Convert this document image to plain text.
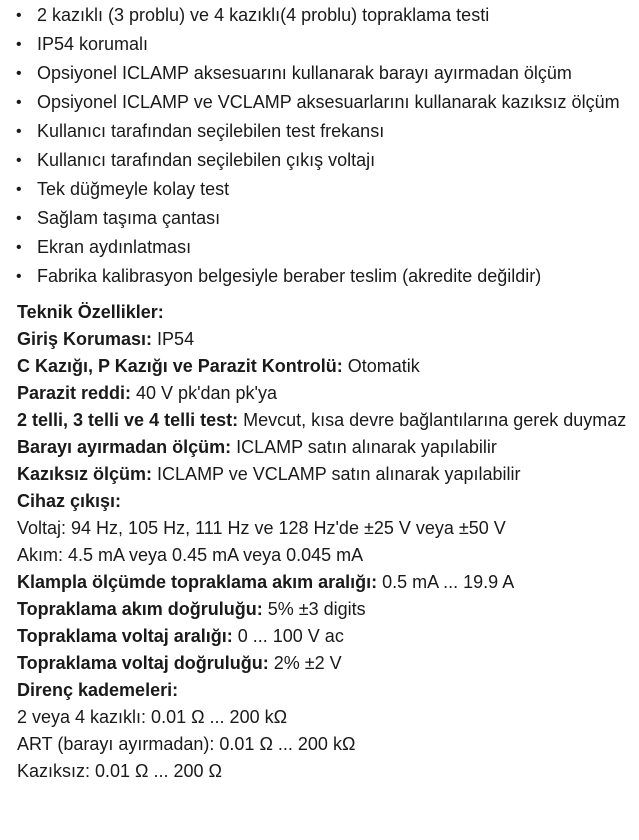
• 2 kazıklı (3 problu) ve 4 kazıklı(4 problu) topraklama testi
• IP54 korumalı
• Opsiyonel ICLAMP aksesuarını kullanarak barayı ayırmadan ölçüm
• Opsiyonel ICLAMP ve VCLAMP aksesuarlarını kullanarak kazıksız ölçüm
• Kullanıcı tarafından seçilebilen test frekansı
• Kullanıcı tarafından seçilebilen çıkış voltajı
• Tek düğmeyle kolay test
• Sağlam taşıma çantası
• Ekran aydınlatması
• Fabrika kalibrasyon belgesiyle beraber teslim (akredite değildir)
Teknik Özellikler:
Giriş Koruması: IP54
C Kazığı, P Kazığı ve Parazit Kontrolü: Otomatik
Parazit reddi: 40 V pk'dan pk'ya
2 telli, 3 telli ve 4 telli test: Mevcut, kısa devre bağlantılarına gerek duymaz
Barayı ayırmadan ölçüm: ICLAMP satın alınarak yapılabilir
Kazıksız ölçüm: ICLAMP ve VCLAMP satın alınarak yapılabilir
Cihaz çıkışı:
Voltaj: 94 Hz, 105 Hz, 111 Hz ve 128 Hz'de ±25 V veya ±50 V
Akım: 4.5 mA veya 0.45 mA veya 0.045 mA
Klampla ölçümde topraklama akım aralığı: 0.5 mA ... 19.9 A
Topraklama akım doğruluğu: 5% ±3 digits
Topraklama voltaj aralığı: 0 ... 100 V ac
Topraklama voltaj doğruluğu: 2% ±2 V
Direnç kademeleri:
2 veya 4 kazıklı: 0.01 Ω ... 200 kΩ
ART (barayı ayırmadan): 0.01 Ω ... 200 kΩ
Kazıksız: 0.01 Ω ... 200 Ω
